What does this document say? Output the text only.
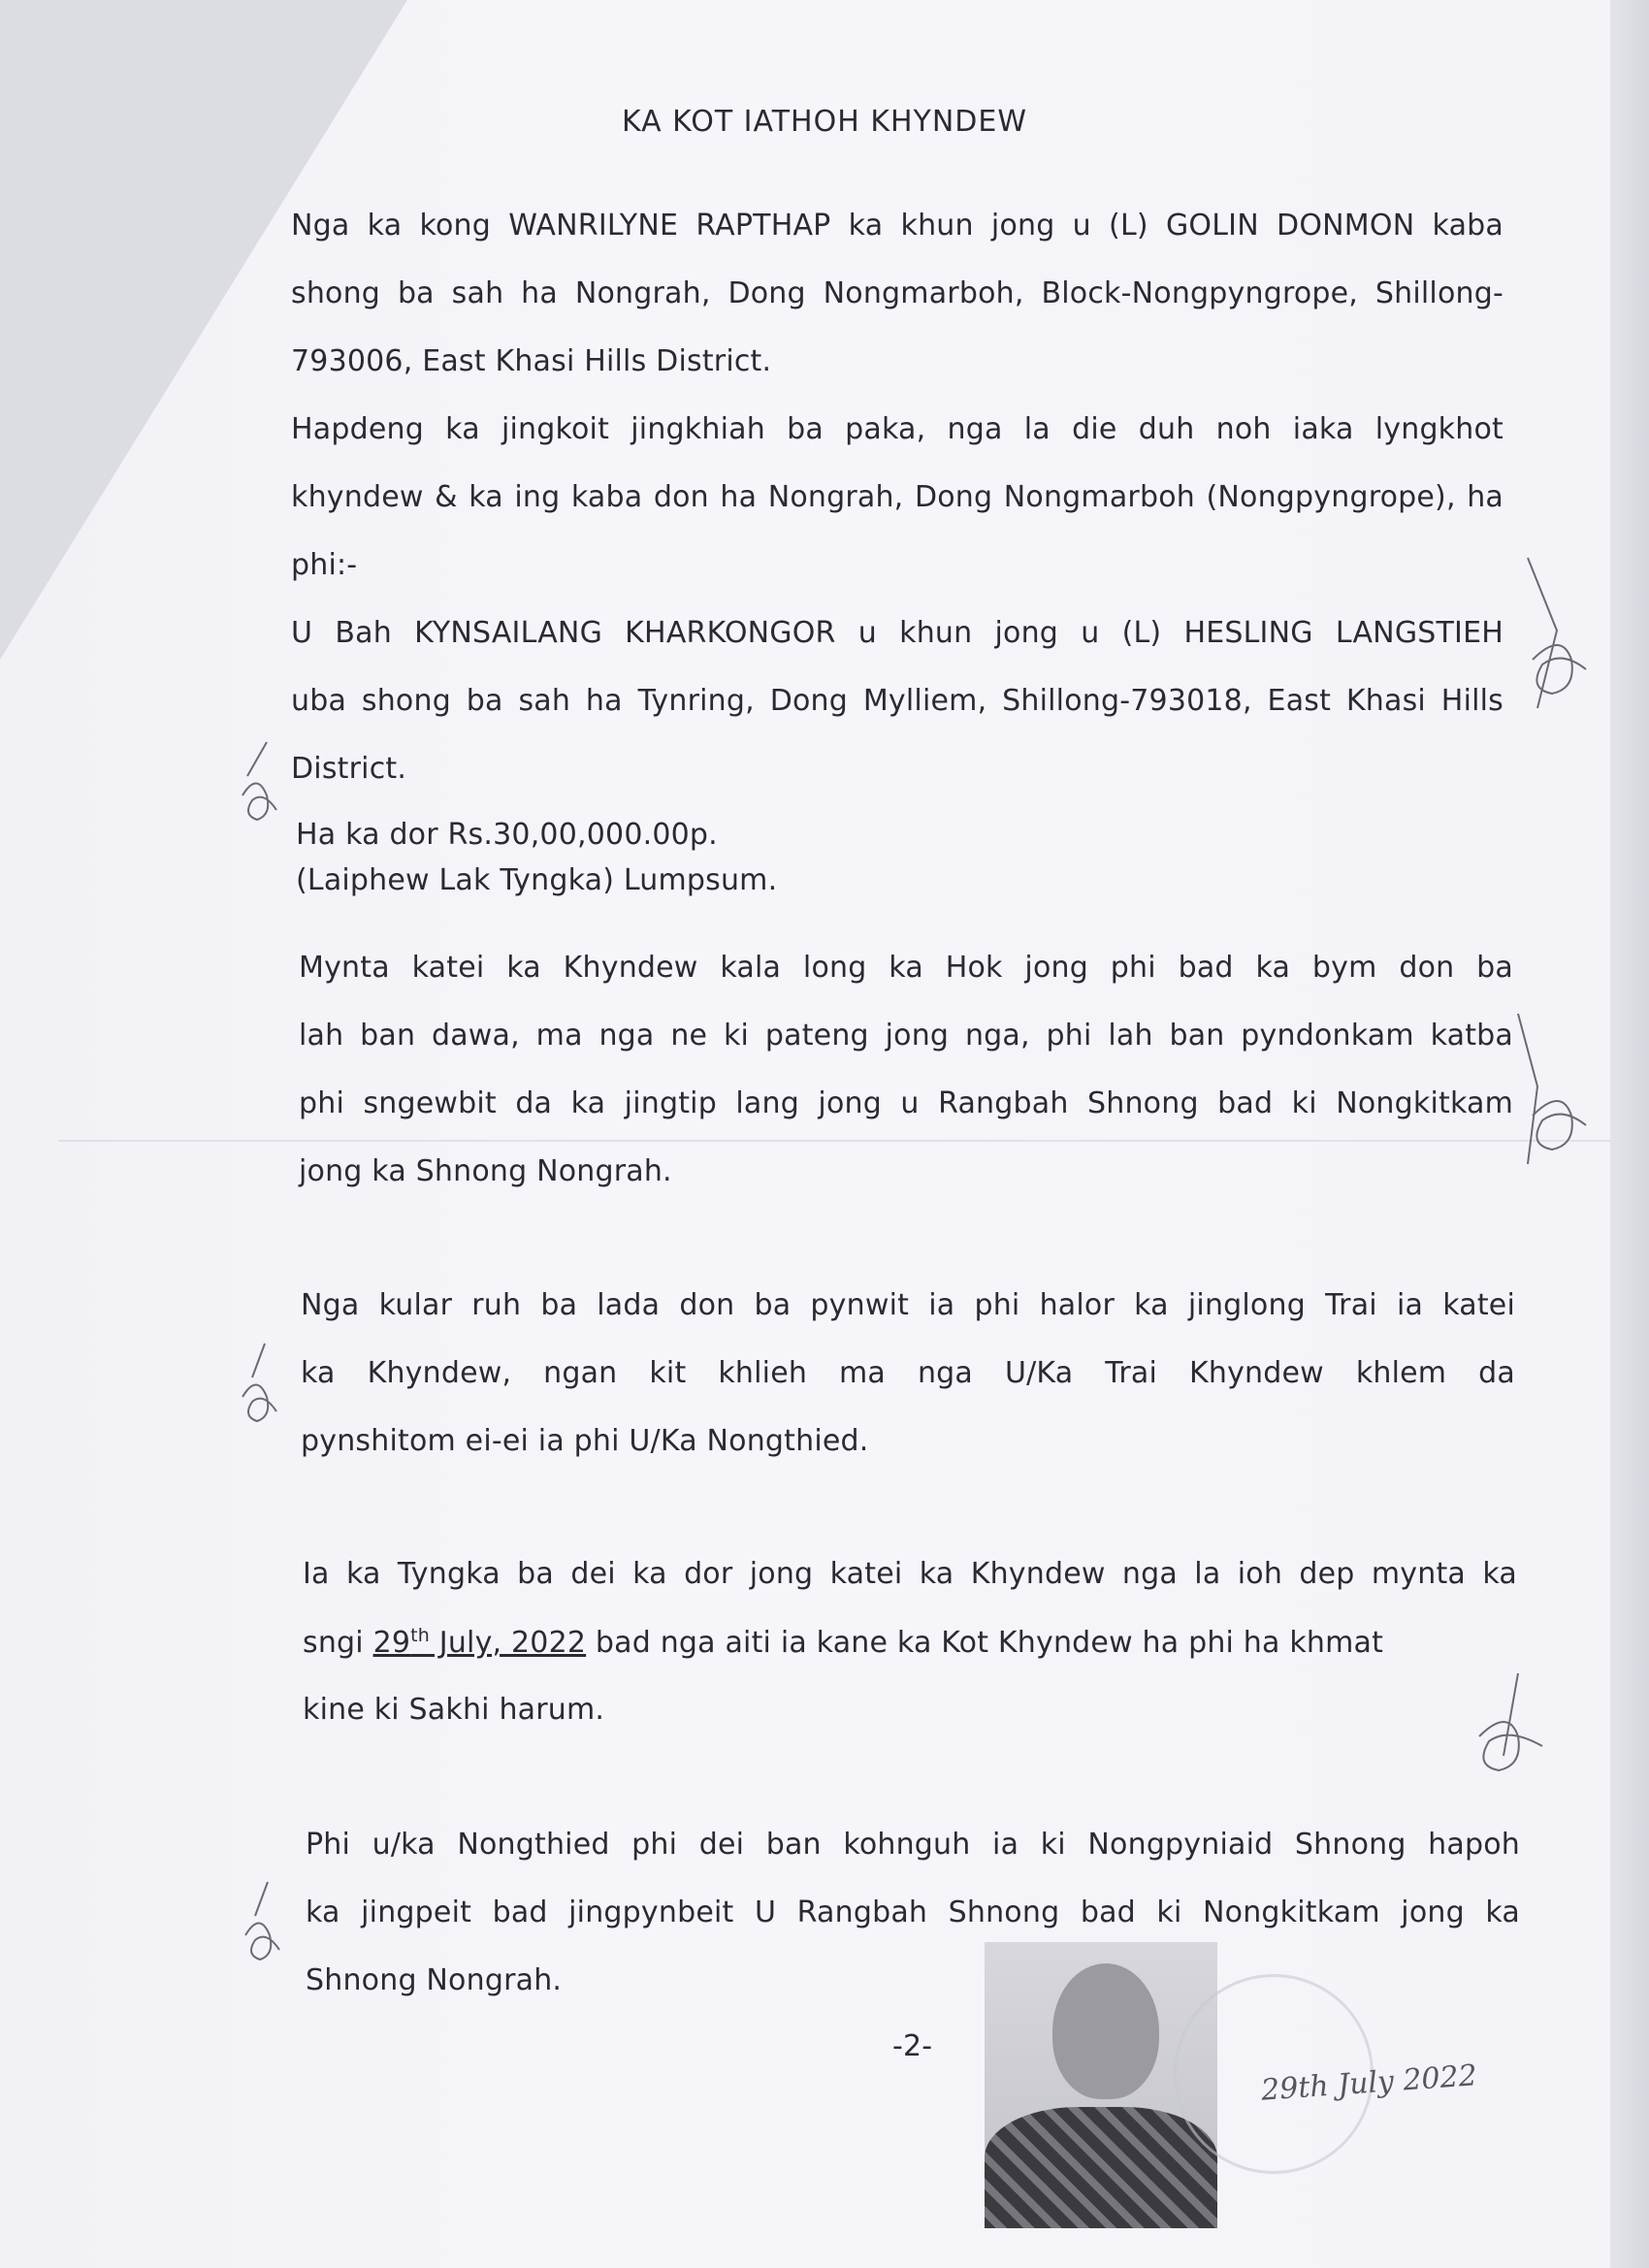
KA KOT IATHOH KHYNDEW
Nga ka kong WANRILYNE RAPTHAP ka khun jong u (L) GOLIN DONMON kaba
shong ba sah ha Nongrah, Dong Nongmarboh, Block-Nongpyngrope, Shillong-
793006, East Khasi Hills District.
Hapdeng ka jingkoit jingkhiah ba paka, nga la die duh noh iaka lyngkhot
khyndew & ka ing kaba don ha Nongrah, Dong Nongmarboh (Nongpyngrope), ha
phi:-
U Bah KYNSAILANG KHARKONGOR u khun jong u (L) HESLING LANGSTIEH
uba shong ba sah ha Tynring, Dong Mylliem, Shillong-793018, East Khasi Hills
District.
Ha ka dor Rs.30,00,000.00p.
(Laiphew Lak Tyngka) Lumpsum.
Mynta katei ka Khyndew kala long ka Hok jong phi bad ka bym don ba
lah ban dawa, ma nga ne ki pateng jong nga, phi lah ban pyndonkam katba
phi sngewbit da ka jingtip lang jong u Rangbah Shnong bad ki Nongkitkam
jong ka Shnong Nongrah.
Nga kular ruh ba lada don ba pynwit ia phi halor ka jinglong Trai ia katei
ka Khyndew, ngan kit khlieh ma nga U/Ka Trai Khyndew khlem da
pynshitom ei-ei ia phi U/Ka Nongthied.
Ia ka Tyngka ba dei ka dor jong katei ka Khyndew nga la ioh dep mynta ka
sngi 29th July, 2022 bad nga aiti ia kane ka Kot Khyndew ha phi ha khmat
kine ki Sakhi harum.
Phi u/ka Nongthied phi dei ban kohnguh ia ki Nongpyniaid Shnong hapoh
ka jingpeit bad jingpynbeit U Rangbah Shnong bad ki Nongkitkam jong ka
Shnong Nongrah.
-2-
29th July 2022
